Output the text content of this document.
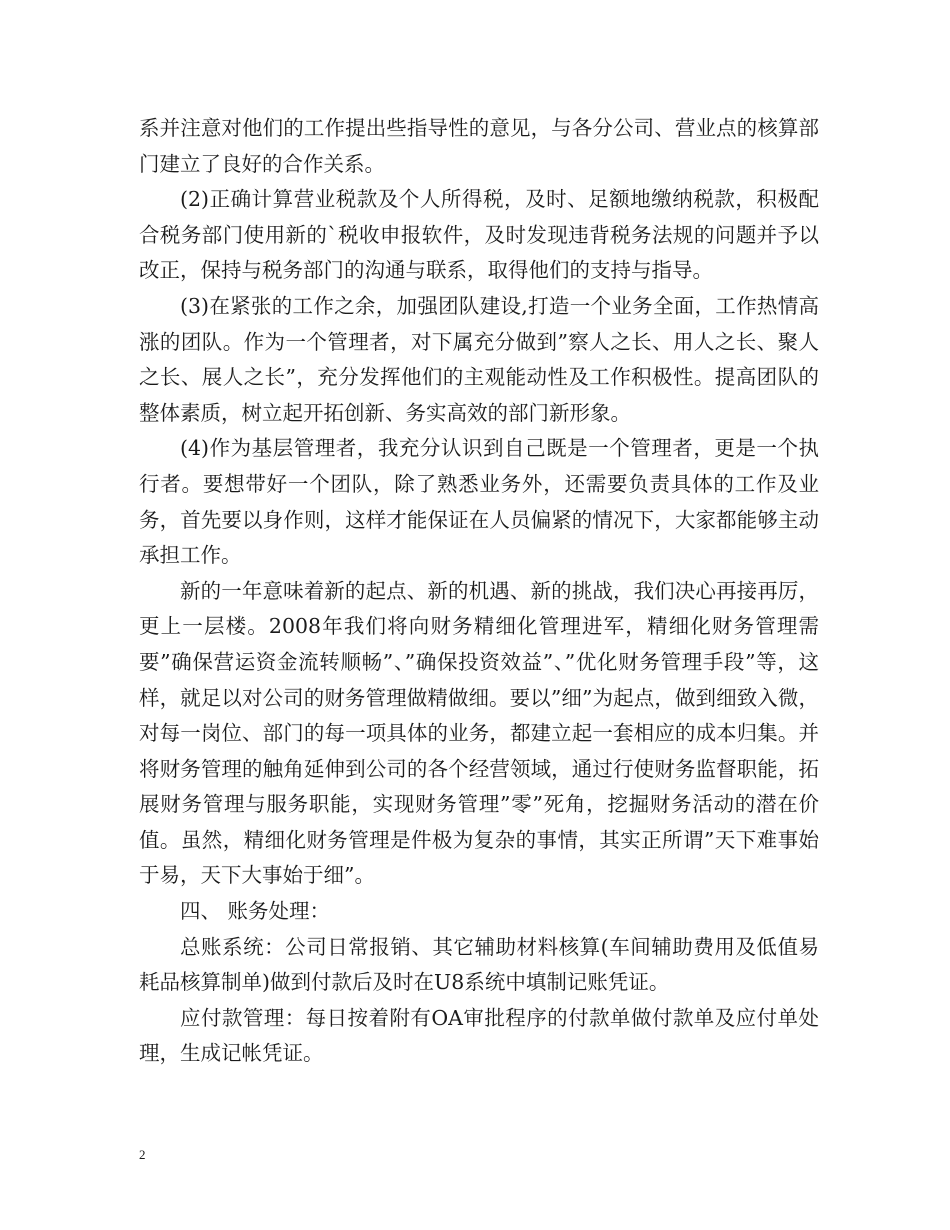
系并注意对他们的工作提出些指导性的意见，与各分公司、营业点的核算部门建立了良好的合作关系。

(2)正确计算营业税款及个人所得税，及时、足额地缴纳税款，积极配合税务部门使用新的`税收申报软件，及时发现违背税务法规的问题并予以改正，保持与税务部门的沟通与联系，取得他们的支持与指导。

(3)在紧张的工作之余，加强团队建设,打造一个业务全面，工作热情高涨的团队。作为一个管理者，对下属充分做到”察人之长、用人之长、聚人之长、展人之长”，充分发挥他们的主观能动性及工作积极性。提高团队的整体素质，树立起开拓创新、务实高效的部门新形象。

(4)作为基层管理者，我充分认识到自己既是一个管理者，更是一个执行者。要想带好一个团队，除了熟悉业务外，还需要负责具体的工作及业务，首先要以身作则，这样才能保证在人员偏紧的情况下，大家都能够主动承担工作。

新的一年意味着新的起点、新的机遇、新的挑战，我们决心再接再厉，更上一层楼。2008年我们将向财务精细化管理进军，精细化财务管理需要”确保营运资金流转顺畅”、”确保投资效益”、”优化财务管理手段”等，这样，就足以对公司的财务管理做精做细。要以”细”为起点，做到细致入微，对每一岗位、部门的每一项具体的业务，都建立起一套相应的成本归集。并将财务管理的触角延伸到公司的各个经营领域，通过行使财务监督职能，拓展财务管理与服务职能，实现财务管理”零”死角，挖掘财务活动的潜在价值。虽然，精细化财务管理是件极为复杂的事情，其实正所谓”天下难事始于易，天下大事始于细”。

四、 账务处理：

总账系统：公司日常报销、其它辅助材料核算(车间辅助费用及低值易耗品核算制单)做到付款后及时在U8系统中填制记账凭证。

应付款管理：每日按着附有OA审批程序的付款单做付款单及应付单处理，生成记帐凭证。

2
